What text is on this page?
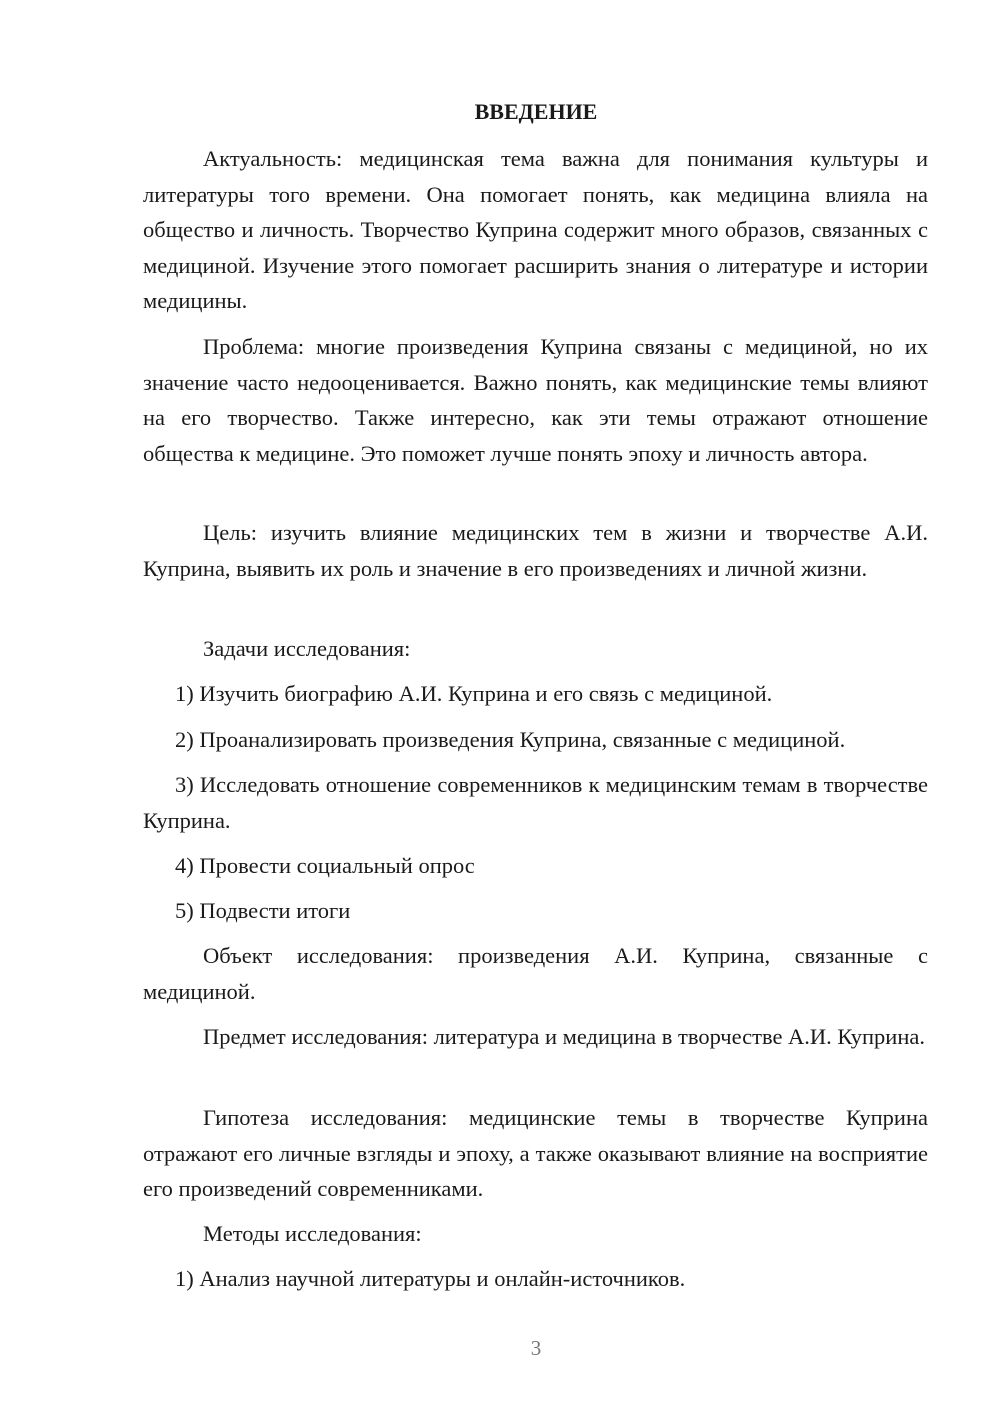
ВВЕДЕНИЕ

Актуальность: медицинская тема важна для понимания культуры и литературы того времени. Она помогает понять, как медицина влияла на общество и личность. Творчество Куприна содержит много образов, связанных с медициной. Изучение этого помогает расширить знания о литературе и истории медицины.

Проблема: многие произведения Куприна связаны с медициной, но их значение часто недооценивается. Важно понять, как медицинские темы влияют на его творчество. Также интересно, как эти темы отражают отношение общества к медицине. Это поможет лучше понять эпоху и личность автора.

Цель: изучить влияние медицинских тем в жизни и творчестве А.И. Куприна, выявить их роль и значение в его произведениях и личной жизни.

Задачи исследования:

1) Изучить биографию А.И. Куприна и его связь с медициной.

2) Проанализировать произведения Куприна, связанные с медициной.

3) Исследовать отношение современников к медицинским темам в творчестве Куприна.

4) Провести социальный опрос

5) Подвести итоги

Объект исследования: произведения А.И. Куприна, связанные с медициной.

Предмет исследования: литература и медицина в творчестве А.И. Куприна.

Гипотеза исследования: медицинские темы в творчестве Куприна отражают его личные взгляды и эпоху, а также оказывают влияние на восприятие его произведений современниками.

Методы исследования:

1) Анализ научной литературы и онлайн-источников.

3
